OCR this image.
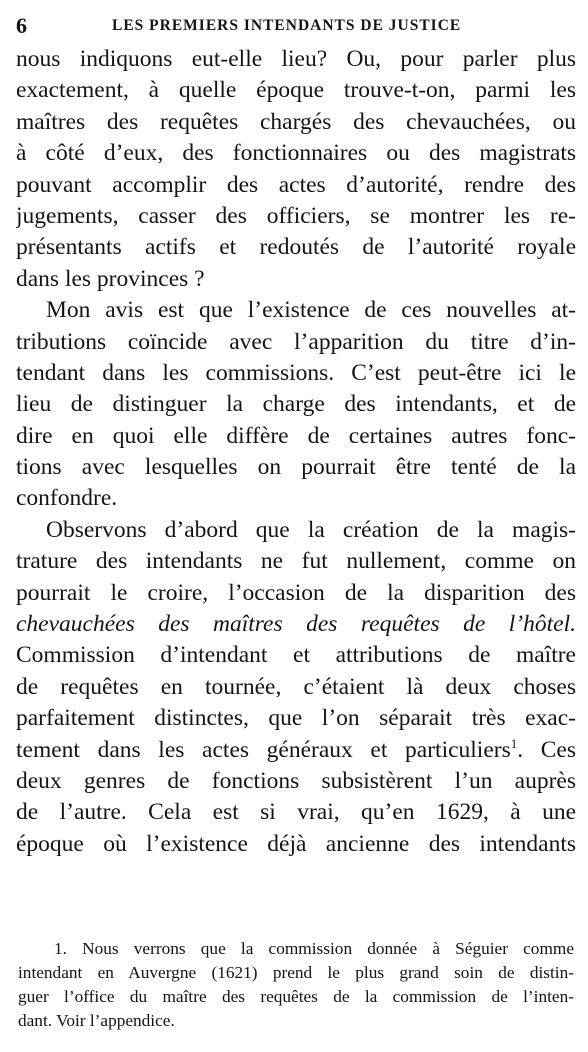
6	LES PREMIERS INTENDANTS DE JUSTICE
nous indiquons eut-elle lieu? Ou, pour parler plus
exactement, à quelle époque trouve-t-on, parmi les
maîtres des requêtes chargés des chevauchées, ou
à côté d’eux, des fonctionnaires ou des magistrats
pouvant accomplir des actes d’autorité, rendre des
jugements, casser des officiers, se montrer les re-
présentants actifs et redoutés de l’autorité royale
dans les provinces ?
Mon avis est que l’existence de ces nouvelles at-
tributions coïncide avec l’apparition du titre d’in-
tendant dans les commissions. C’est peut-être ici le
lieu de distinguer la charge des intendants, et de
dire en quoi elle diffère de certaines autres fonc-
tions avec lesquelles on pourrait être tenté de la
confondre.
Observons d’abord que la création de la magis-
trature des intendants ne fut nullement, comme on
pourrait le croire, l’occasion de la disparition des
chevauchées des maîtres des requêtes de l’hôtel.
Commission d’intendant et attributions de maître
de requêtes en tournée, c’étaient là deux choses
parfaitement distinctes, que l’on séparait très exac-
tement dans les actes généraux et particuliers$^1$. Ces
deux genres de fonctions subsistèrent l’un auprès
de l’autre. Cela est si vrai, qu’en 1629, à une
époque où l’existence déjà ancienne des intendants
1. Nous verrons que la commission donnée à Séguier comme
intendant en Auvergne (1621) prend le plus grand soin de distin-
guer l’office du maître des requêtes de la commission de l’inten-
dant. Voir l’appendice.
